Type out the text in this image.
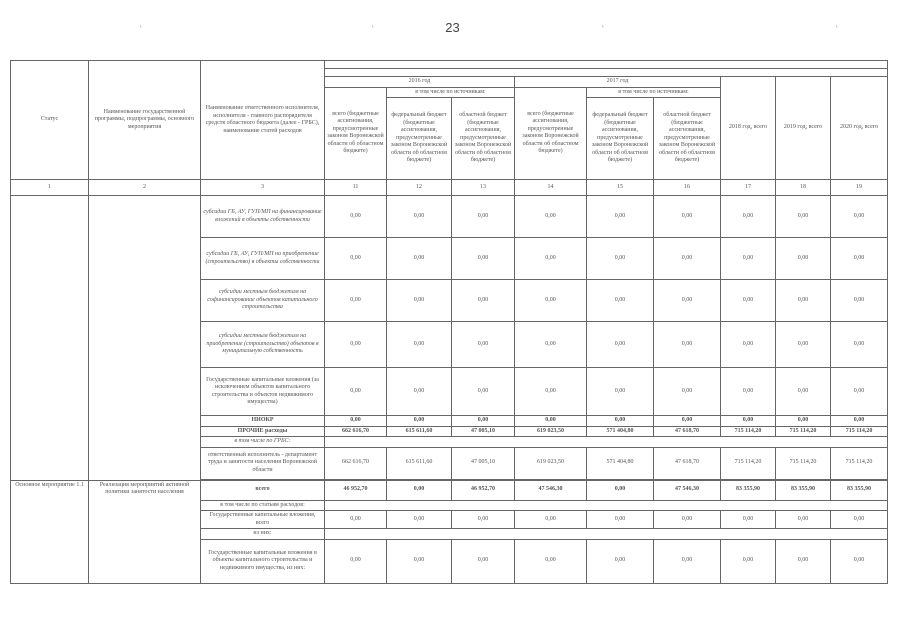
23
'	'	'	'
Статус	Наименование государственной программы, подпрограммы, основного мероприятия	Наименование ответственного исполнителя, исполнителя - главного распорядителя средств областного бюджета (далее - ГРБС), наименование статей расходов									

			2016 год			2017 год			2018 год, всего	2019 год, всего	2020 год, всего
			всего (бюджетные ассигнования, предусмотренные законом Воронежской области об областном бюджете)	в том числе по источникам:		всего (бюджетные ассигнования, предусмотренные законом Воронежской области об областном бюджете)	в том числе по источникам:				
				федеральный бюджет (бюджетные ассигнования, предусмотренные законом Воронежской области об областном бюджете)	областной бюджет (бюджетные ассигнования, предусмотренные законом Воронежской области об областном бюджете)		федеральный бюджет (бюджетные ассигнования, предусмотренные законом Воронежской области об областном бюджете)	областной бюджет (бюджетные ассигнования, предусмотренные законом Воронежской области об областном бюджете)			
1	2	3	11	12	13	14	15	16	17	18	19
		субсидии ГБ, АУ, ГУП/МП на финансирование вложений в объекты собственности	0,00	0,00	0,00	0,00	0,00	0,00	0,00	0,00	0,00
		субсидии ГБ, АУ, ГУП/МП на приобретение (строительство) в объекты собственности	0,00	0,00	0,00	0,00	0,00	0,00	0,00	0,00	0,00
		субсидии местным бюджетам на софинансирование объектов капитального строительства	0,00	0,00	0,00	0,00	0,00	0,00	0,00	0,00	0,00
		субсидии местным бюджетам на приобретение (строительство) объектов в муниципальную собственность	0,00	0,00	0,00	0,00	0,00	0,00	0,00	0,00	0,00
		Государственные капитальные вложения (за исключением объектов капитального строительства и объектов недвижимого имущества)	0,00	0,00	0,00	0,00	0,00	0,00	0,00	0,00	0,00
		НИОКР	0,00	0,00	0,00	0,00	0,00	0,00	0,00	0,00	0,00
		ПРОЧИЕ расходы	662 616,70	615 611,60	47 005,10	619 023,50	571 404,80	47 618,70	715 114,20	715 114,20	715 114,20
		в том числе по ГРБС:									
		ответственный исполнитель - департамент труда и занятости населения Воронежской области	662 616,70	615 611,60	47 005,10	619 023,50	571 404,80	47 618,70	715 114,20	715 114,20	715 114,20

Основное мероприятие 1.1	Реализация мероприятий активной политики занятости населения	всего	46 952,70	0,00	46 952,70	47 546,30	0,00	47 546,30	83 355,90	83 355,90	83 355,90
		в том числе по статьям расходов:									
		Государственные капитальные вложения, всего	0,00	0,00	0,00	0,00	0,00	0,00	0,00	0,00	0,00
		из них:									
		Государственные капитальные вложения в объекты капитального строительства и недвижимого имущества, из них:	0,00	0,00	0,00	0,00	0,00	0,00	0,00	0,00	0,00
